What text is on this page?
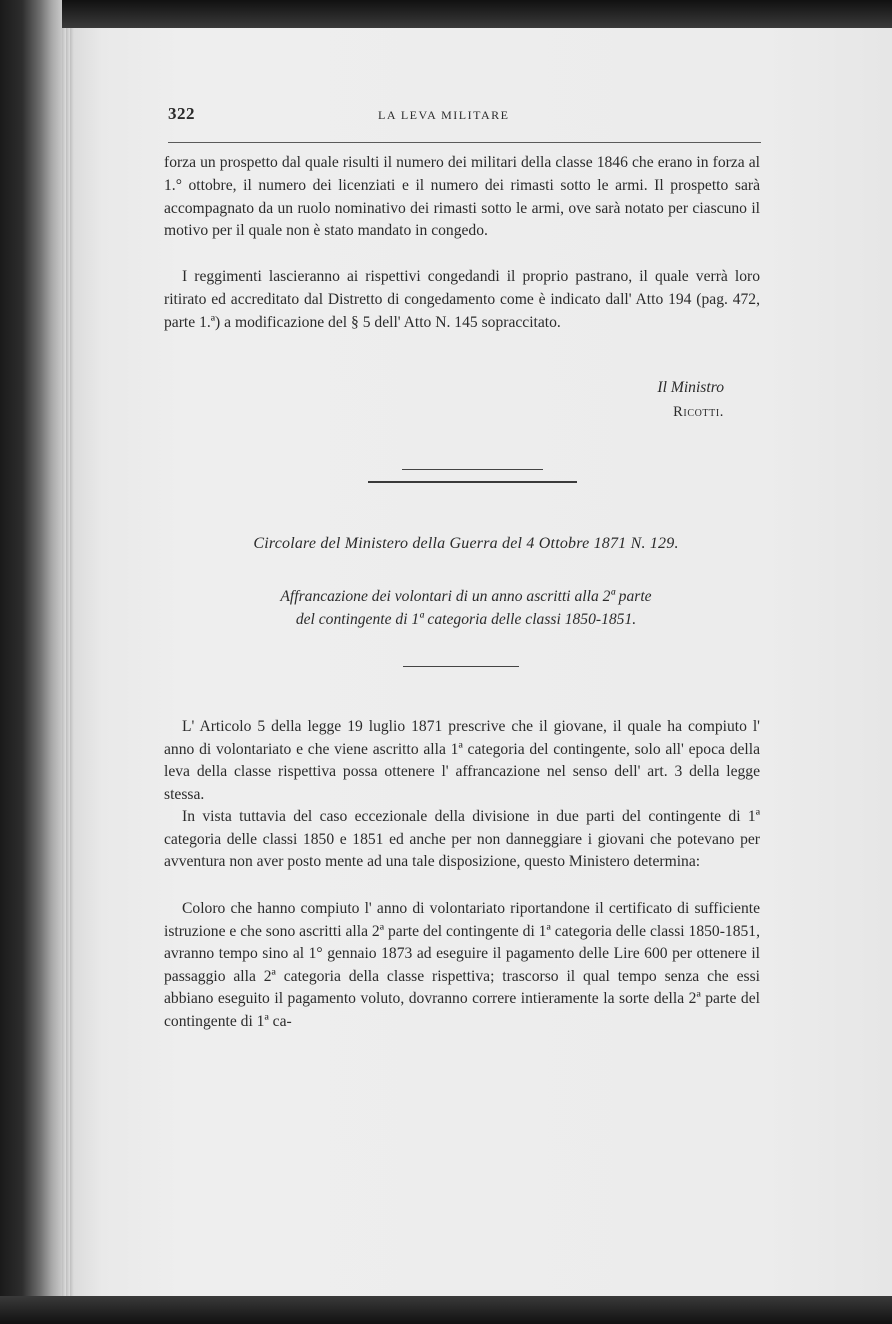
322	LA LEVA MILITARE

forza un prospetto dal quale risulti il numero dei militari della classe 1846 che erano in forza al 1.° ottobre, il numero dei licenziati e il numero dei rimasti sotto le armi. Il prospetto sarà accompagnato da un ruolo nominativo dei rimasti sotto le armi, ove sarà notato per ciascuno il motivo per il quale non è stato mandato in congedo.

I reggimenti lascieranno ai rispettivi congedandi il proprio pastrano, il quale verrà loro ritirato ed accreditato dal Distretto di congedamento come è indicato dall' Atto 194 (pag. 472, parte 1.ª) a modificazione del § 5 dell' Atto N. 145 sopraccitato.

Il Ministro
Ricotti.
Circolare del Ministero della Guerra del 4 Ottobre 1871 N. 129.
Affrancazione dei volontari di un anno ascritti alla 2ª parte
del contingente di 1ª categoria delle classi 1850-1851.

L' Articolo 5 della legge 19 luglio 1871 prescrive che il giovane, il quale ha compiuto l' anno di volontariato e che viene ascritto alla 1ª categoria del contingente, solo all' epoca della leva della classe rispettiva possa ottenere l' affrancazione nel senso dell' art. 3 della legge stessa.

In vista tuttavia del caso eccezionale della divisione in due parti del contingente di 1ª categoria delle classi 1850 e 1851 ed anche per non danneggiare i giovani che potevano per avventura non aver posto mente ad una tale disposizione, questo Ministero determina:

Coloro che hanno compiuto l' anno di volontariato riportandone il certificato di sufficiente istruzione e che sono ascritti alla 2ª parte del contingente di 1ª categoria delle classi 1850-1851, avranno tempo sino al 1° gennaio 1873 ad eseguire il pagamento delle Lire 600 per ottenere il passaggio alla 2ª categoria della classe rispettiva; trascorso il qual tempo senza che essi abbiano eseguito il pagamento voluto, dovranno correre intieramente la sorte della 2ª parte del contingente di 1ª ca-
